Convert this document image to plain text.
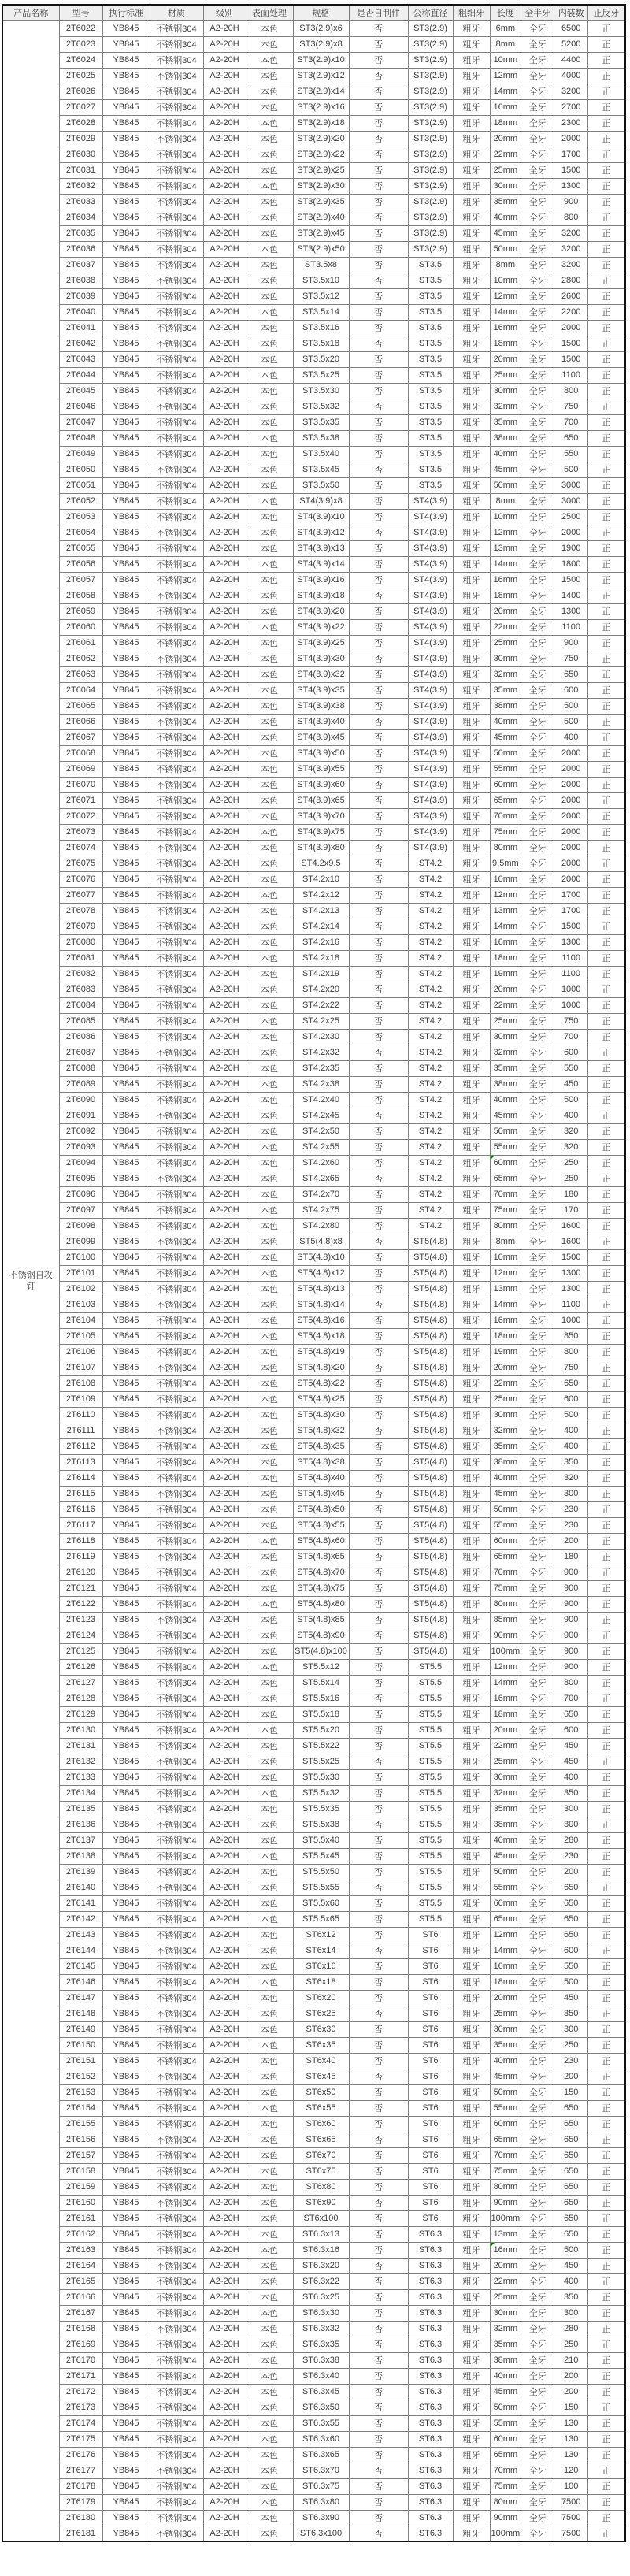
产品名称	型号	执行标准	材质	级别	表面处理	规格	是否自制件	公称直径	粗细牙	长度	全半牙	内装数	正反牙
不锈钢自攻钉	2T6022	YB845	不锈钢304	A2-20H	本色	ST3(2.9)x6	否	ST3(2.9)	粗牙	6mm	全牙	6500	正
	2T6023	YB845	不锈钢304	A2-20H	本色	ST3(2.9)x8	否	ST3(2.9)	粗牙	8mm	全牙	5200	正
	2T6024	YB845	不锈钢304	A2-20H	本色	ST3(2.9)x10	否	ST3(2.9)	粗牙	10mm	全牙	4400	正
	2T6025	YB845	不锈钢304	A2-20H	本色	ST3(2.9)x12	否	ST3(2.9)	粗牙	12mm	全牙	4000	正
	2T6026	YB845	不锈钢304	A2-20H	本色	ST3(2.9)x14	否	ST3(2.9)	粗牙	14mm	全牙	3200	正
	2T6027	YB845	不锈钢304	A2-20H	本色	ST3(2.9)x16	否	ST3(2.9)	粗牙	16mm	全牙	2700	正
	2T6028	YB845	不锈钢304	A2-20H	本色	ST3(2.9)x18	否	ST3(2.9)	粗牙	18mm	全牙	2300	正
	2T6029	YB845	不锈钢304	A2-20H	本色	ST3(2.9)x20	否	ST3(2.9)	粗牙	20mm	全牙	2000	正
	2T6030	YB845	不锈钢304	A2-20H	本色	ST3(2.9)x22	否	ST3(2.9)	粗牙	22mm	全牙	1700	正
	2T6031	YB845	不锈钢304	A2-20H	本色	ST3(2.9)x25	否	ST3(2.9)	粗牙	25mm	全牙	1500	正
	2T6032	YB845	不锈钢304	A2-20H	本色	ST3(2.9)x30	否	ST3(2.9)	粗牙	30mm	全牙	1300	正
	2T6033	YB845	不锈钢304	A2-20H	本色	ST3(2.9)x35	否	ST3(2.9)	粗牙	35mm	全牙	900	正
	2T6034	YB845	不锈钢304	A2-20H	本色	ST3(2.9)x40	否	ST3(2.9)	粗牙	40mm	全牙	800	正
	2T6035	YB845	不锈钢304	A2-20H	本色	ST3(2.9)x45	否	ST3(2.9)	粗牙	45mm	全牙	3200	正
	2T6036	YB845	不锈钢304	A2-20H	本色	ST3(2.9)x50	否	ST3(2.9)	粗牙	50mm	全牙	3200	正
	2T6037	YB845	不锈钢304	A2-20H	本色	ST3.5x8	否	ST3.5	粗牙	8mm	全牙	3200	正
	2T6038	YB845	不锈钢304	A2-20H	本色	ST3.5x10	否	ST3.5	粗牙	10mm	全牙	2800	正
	2T6039	YB845	不锈钢304	A2-20H	本色	ST3.5x12	否	ST3.5	粗牙	12mm	全牙	2600	正
	2T6040	YB845	不锈钢304	A2-20H	本色	ST3.5x14	否	ST3.5	粗牙	14mm	全牙	2200	正
	2T6041	YB845	不锈钢304	A2-20H	本色	ST3.5x16	否	ST3.5	粗牙	16mm	全牙	2000	正
	2T6042	YB845	不锈钢304	A2-20H	本色	ST3.5x18	否	ST3.5	粗牙	18mm	全牙	1500	正
	2T6043	YB845	不锈钢304	A2-20H	本色	ST3.5x20	否	ST3.5	粗牙	20mm	全牙	1500	正
	2T6044	YB845	不锈钢304	A2-20H	本色	ST3.5x25	否	ST3.5	粗牙	25mm	全牙	1100	正
	2T6045	YB845	不锈钢304	A2-20H	本色	ST3.5x30	否	ST3.5	粗牙	30mm	全牙	800	正
	2T6046	YB845	不锈钢304	A2-20H	本色	ST3.5x32	否	ST3.5	粗牙	32mm	全牙	750	正
	2T6047	YB845	不锈钢304	A2-20H	本色	ST3.5x35	否	ST3.5	粗牙	35mm	全牙	700	正
	2T6048	YB845	不锈钢304	A2-20H	本色	ST3.5x38	否	ST3.5	粗牙	38mm	全牙	650	正
	2T6049	YB845	不锈钢304	A2-20H	本色	ST3.5x40	否	ST3.5	粗牙	40mm	全牙	550	正
	2T6050	YB845	不锈钢304	A2-20H	本色	ST3.5x45	否	ST3.5	粗牙	45mm	全牙	500	正
	2T6051	YB845	不锈钢304	A2-20H	本色	ST3.5x50	否	ST3.5	粗牙	50mm	全牙	3000	正
	2T6052	YB845	不锈钢304	A2-20H	本色	ST4(3.9)x8	否	ST4(3.9)	粗牙	8mm	全牙	3000	正
	2T6053	YB845	不锈钢304	A2-20H	本色	ST4(3.9)x10	否	ST4(3.9)	粗牙	10mm	全牙	2500	正
	2T6054	YB845	不锈钢304	A2-20H	本色	ST4(3.9)x12	否	ST4(3.9)	粗牙	12mm	全牙	2000	正
	2T6055	YB845	不锈钢304	A2-20H	本色	ST4(3.9)x13	否	ST4(3.9)	粗牙	13mm	全牙	1900	正
	2T6056	YB845	不锈钢304	A2-20H	本色	ST4(3.9)x14	否	ST4(3.9)	粗牙	14mm	全牙	1800	正
	2T6057	YB845	不锈钢304	A2-20H	本色	ST4(3.9)x16	否	ST4(3.9)	粗牙	16mm	全牙	1500	正
	2T6058	YB845	不锈钢304	A2-20H	本色	ST4(3.9)x18	否	ST4(3.9)	粗牙	18mm	全牙	1400	正
	2T6059	YB845	不锈钢304	A2-20H	本色	ST4(3.9)x20	否	ST4(3.9)	粗牙	20mm	全牙	1300	正
	2T6060	YB845	不锈钢304	A2-20H	本色	ST4(3.9)x22	否	ST4(3.9)	粗牙	22mm	全牙	1100	正
	2T6061	YB845	不锈钢304	A2-20H	本色	ST4(3.9)x25	否	ST4(3.9)	粗牙	25mm	全牙	900	正
	2T6062	YB845	不锈钢304	A2-20H	本色	ST4(3.9)x30	否	ST4(3.9)	粗牙	30mm	全牙	750	正
	2T6063	YB845	不锈钢304	A2-20H	本色	ST4(3.9)x32	否	ST4(3.9)	粗牙	32mm	全牙	650	正
	2T6064	YB845	不锈钢304	A2-20H	本色	ST4(3.9)x35	否	ST4(3.9)	粗牙	35mm	全牙	600	正
	2T6065	YB845	不锈钢304	A2-20H	本色	ST4(3.9)x38	否	ST4(3.9)	粗牙	38mm	全牙	500	正
	2T6066	YB845	不锈钢304	A2-20H	本色	ST4(3.9)x40	否	ST4(3.9)	粗牙	40mm	全牙	500	正
	2T6067	YB845	不锈钢304	A2-20H	本色	ST4(3.9)x45	否	ST4(3.9)	粗牙	45mm	全牙	400	正
	2T6068	YB845	不锈钢304	A2-20H	本色	ST4(3.9)x50	否	ST4(3.9)	粗牙	50mm	全牙	2000	正
	2T6069	YB845	不锈钢304	A2-20H	本色	ST4(3.9)x55	否	ST4(3.9)	粗牙	55mm	全牙	2000	正
	2T6070	YB845	不锈钢304	A2-20H	本色	ST4(3.9)x60	否	ST4(3.9)	粗牙	60mm	全牙	2000	正
	2T6071	YB845	不锈钢304	A2-20H	本色	ST4(3.9)x65	否	ST4(3.9)	粗牙	65mm	全牙	2000	正
	2T6072	YB845	不锈钢304	A2-20H	本色	ST4(3.9)x70	否	ST4(3.9)	粗牙	70mm	全牙	2000	正
	2T6073	YB845	不锈钢304	A2-20H	本色	ST4(3.9)x75	否	ST4(3.9)	粗牙	75mm	全牙	2000	正
	2T6074	YB845	不锈钢304	A2-20H	本色	ST4(3.9)x80	否	ST4(3.9)	粗牙	80mm	全牙	2000	正
	2T6075	YB845	不锈钢304	A2-20H	本色	ST4.2x9.5	否	ST4.2	粗牙	9.5mm	全牙	2000	正
	2T6076	YB845	不锈钢304	A2-20H	本色	ST4.2x10	否	ST4.2	粗牙	10mm	全牙	2000	正
	2T6077	YB845	不锈钢304	A2-20H	本色	ST4.2x12	否	ST4.2	粗牙	12mm	全牙	1700	正
	2T6078	YB845	不锈钢304	A2-20H	本色	ST4.2x13	否	ST4.2	粗牙	13mm	全牙	1700	正
	2T6079	YB845	不锈钢304	A2-20H	本色	ST4.2x14	否	ST4.2	粗牙	14mm	全牙	1500	正
	2T6080	YB845	不锈钢304	A2-20H	本色	ST4.2x16	否	ST4.2	粗牙	16mm	全牙	1300	正
	2T6081	YB845	不锈钢304	A2-20H	本色	ST4.2x18	否	ST4.2	粗牙	18mm	全牙	1100	正
	2T6082	YB845	不锈钢304	A2-20H	本色	ST4.2x19	否	ST4.2	粗牙	19mm	全牙	1100	正
	2T6083	YB845	不锈钢304	A2-20H	本色	ST4.2x20	否	ST4.2	粗牙	20mm	全牙	1000	正
	2T6084	YB845	不锈钢304	A2-20H	本色	ST4.2x22	否	ST4.2	粗牙	22mm	全牙	1000	正
	2T6085	YB845	不锈钢304	A2-20H	本色	ST4.2x25	否	ST4.2	粗牙	25mm	全牙	750	正
	2T6086	YB845	不锈钢304	A2-20H	本色	ST4.2x30	否	ST4.2	粗牙	30mm	全牙	700	正
	2T6087	YB845	不锈钢304	A2-20H	本色	ST4.2x32	否	ST4.2	粗牙	32mm	全牙	600	正
	2T6088	YB845	不锈钢304	A2-20H	本色	ST4.2x35	否	ST4.2	粗牙	35mm	全牙	550	正
	2T6089	YB845	不锈钢304	A2-20H	本色	ST4.2x38	否	ST4.2	粗牙	38mm	全牙	450	正
	2T6090	YB845	不锈钢304	A2-20H	本色	ST4.2x40	否	ST4.2	粗牙	40mm	全牙	500	正
	2T6091	YB845	不锈钢304	A2-20H	本色	ST4.2x45	否	ST4.2	粗牙	45mm	全牙	400	正
	2T6092	YB845	不锈钢304	A2-20H	本色	ST4.2x50	否	ST4.2	粗牙	50mm	全牙	320	正
	2T6093	YB845	不锈钢304	A2-20H	本色	ST4.2x55	否	ST4.2	粗牙	55mm	全牙	320	正
	2T6094	YB845	不锈钢304	A2-20H	本色	ST4.2x60	否	ST4.2	粗牙	60mm	全牙	250	正
	2T6095	YB845	不锈钢304	A2-20H	本色	ST4.2x65	否	ST4.2	粗牙	65mm	全牙	250	正
	2T6096	YB845	不锈钢304	A2-20H	本色	ST4.2x70	否	ST4.2	粗牙	70mm	全牙	180	正
	2T6097	YB845	不锈钢304	A2-20H	本色	ST4.2x75	否	ST4.2	粗牙	75mm	全牙	170	正
	2T6098	YB845	不锈钢304	A2-20H	本色	ST4.2x80	否	ST4.2	粗牙	80mm	全牙	1600	正
	2T6099	YB845	不锈钢304	A2-20H	本色	ST5(4.8)x8	否	ST5(4.8)	粗牙	8mm	全牙	1600	正
	2T6100	YB845	不锈钢304	A2-20H	本色	ST5(4.8)x10	否	ST5(4.8)	粗牙	10mm	全牙	1500	正
	2T6101	YB845	不锈钢304	A2-20H	本色	ST5(4.8)x12	否	ST5(4.8)	粗牙	12mm	全牙	1300	正
	2T6102	YB845	不锈钢304	A2-20H	本色	ST5(4.8)x13	否	ST5(4.8)	粗牙	13mm	全牙	1300	正
	2T6103	YB845	不锈钢304	A2-20H	本色	ST5(4.8)x14	否	ST5(4.8)	粗牙	14mm	全牙	1100	正
	2T6104	YB845	不锈钢304	A2-20H	本色	ST5(4.8)x16	否	ST5(4.8)	粗牙	16mm	全牙	1000	正
	2T6105	YB845	不锈钢304	A2-20H	本色	ST5(4.8)x18	否	ST5(4.8)	粗牙	18mm	全牙	850	正
	2T6106	YB845	不锈钢304	A2-20H	本色	ST5(4.8)x19	否	ST5(4.8)	粗牙	19mm	全牙	800	正
	2T6107	YB845	不锈钢304	A2-20H	本色	ST5(4.8)x20	否	ST5(4.8)	粗牙	20mm	全牙	750	正
	2T6108	YB845	不锈钢304	A2-20H	本色	ST5(4.8)x22	否	ST5(4.8)	粗牙	22mm	全牙	650	正
	2T6109	YB845	不锈钢304	A2-20H	本色	ST5(4.8)x25	否	ST5(4.8)	粗牙	25mm	全牙	600	正
	2T6110	YB845	不锈钢304	A2-20H	本色	ST5(4.8)x30	否	ST5(4.8)	粗牙	30mm	全牙	500	正
	2T6111	YB845	不锈钢304	A2-20H	本色	ST5(4.8)x32	否	ST5(4.8)	粗牙	32mm	全牙	400	正
	2T6112	YB845	不锈钢304	A2-20H	本色	ST5(4.8)x35	否	ST5(4.8)	粗牙	35mm	全牙	400	正
	2T6113	YB845	不锈钢304	A2-20H	本色	ST5(4.8)x38	否	ST5(4.8)	粗牙	38mm	全牙	350	正
	2T6114	YB845	不锈钢304	A2-20H	本色	ST5(4.8)x40	否	ST5(4.8)	粗牙	40mm	全牙	320	正
	2T6115	YB845	不锈钢304	A2-20H	本色	ST5(4.8)x45	否	ST5(4.8)	粗牙	45mm	全牙	300	正
	2T6116	YB845	不锈钢304	A2-20H	本色	ST5(4.8)x50	否	ST5(4.8)	粗牙	50mm	全牙	230	正
	2T6117	YB845	不锈钢304	A2-20H	本色	ST5(4.8)x55	否	ST5(4.8)	粗牙	55mm	全牙	230	正
	2T6118	YB845	不锈钢304	A2-20H	本色	ST5(4.8)x60	否	ST5(4.8)	粗牙	60mm	全牙	200	正
	2T6119	YB845	不锈钢304	A2-20H	本色	ST5(4.8)x65	否	ST5(4.8)	粗牙	65mm	全牙	180	正
	2T6120	YB845	不锈钢304	A2-20H	本色	ST5(4.8)x70	否	ST5(4.8)	粗牙	70mm	全牙	900	正
	2T6121	YB845	不锈钢304	A2-20H	本色	ST5(4.8)x75	否	ST5(4.8)	粗牙	75mm	全牙	900	正
	2T6122	YB845	不锈钢304	A2-20H	本色	ST5(4.8)x80	否	ST5(4.8)	粗牙	80mm	全牙	900	正
	2T6123	YB845	不锈钢304	A2-20H	本色	ST5(4.8)x85	否	ST5(4.8)	粗牙	85mm	全牙	900	正
	2T6124	YB845	不锈钢304	A2-20H	本色	ST5(4.8)x90	否	ST5(4.8)	粗牙	90mm	全牙	900	正
	2T6125	YB845	不锈钢304	A2-20H	本色	ST5(4.8)x100	否	ST5(4.8)	粗牙	100mm	全牙	900	正
	2T6126	YB845	不锈钢304	A2-20H	本色	ST5.5x12	否	ST5.5	粗牙	12mm	全牙	900	正
	2T6127	YB845	不锈钢304	A2-20H	本色	ST5.5x14	否	ST5.5	粗牙	14mm	全牙	800	正
	2T6128	YB845	不锈钢304	A2-20H	本色	ST5.5x16	否	ST5.5	粗牙	16mm	全牙	700	正
	2T6129	YB845	不锈钢304	A2-20H	本色	ST5.5x18	否	ST5.5	粗牙	18mm	全牙	650	正
	2T6130	YB845	不锈钢304	A2-20H	本色	ST5.5x20	否	ST5.5	粗牙	20mm	全牙	600	正
	2T6131	YB845	不锈钢304	A2-20H	本色	ST5.5x22	否	ST5.5	粗牙	22mm	全牙	450	正
	2T6132	YB845	不锈钢304	A2-20H	本色	ST5.5x25	否	ST5.5	粗牙	25mm	全牙	450	正
	2T6133	YB845	不锈钢304	A2-20H	本色	ST5.5x30	否	ST5.5	粗牙	30mm	全牙	400	正
	2T6134	YB845	不锈钢304	A2-20H	本色	ST5.5x32	否	ST5.5	粗牙	32mm	全牙	350	正
	2T6135	YB845	不锈钢304	A2-20H	本色	ST5.5x35	否	ST5.5	粗牙	35mm	全牙	300	正
	2T6136	YB845	不锈钢304	A2-20H	本色	ST5.5x38	否	ST5.5	粗牙	38mm	全牙	300	正
	2T6137	YB845	不锈钢304	A2-20H	本色	ST5.5x40	否	ST5.5	粗牙	40mm	全牙	280	正
	2T6138	YB845	不锈钢304	A2-20H	本色	ST5.5x45	否	ST5.5	粗牙	45mm	全牙	230	正
	2T6139	YB845	不锈钢304	A2-20H	本色	ST5.5x50	否	ST5.5	粗牙	50mm	全牙	200	正
	2T6140	YB845	不锈钢304	A2-20H	本色	ST5.5x55	否	ST5.5	粗牙	55mm	全牙	650	正
	2T6141	YB845	不锈钢304	A2-20H	本色	ST5.5x60	否	ST5.5	粗牙	60mm	全牙	650	正
	2T6142	YB845	不锈钢304	A2-20H	本色	ST5.5x65	否	ST5.5	粗牙	65mm	全牙	650	正
	2T6143	YB845	不锈钢304	A2-20H	本色	ST6x12	否	ST6	粗牙	12mm	全牙	650	正
	2T6144	YB845	不锈钢304	A2-20H	本色	ST6x14	否	ST6	粗牙	14mm	全牙	600	正
	2T6145	YB845	不锈钢304	A2-20H	本色	ST6x16	否	ST6	粗牙	16mm	全牙	550	正
	2T6146	YB845	不锈钢304	A2-20H	本色	ST6x18	否	ST6	粗牙	18mm	全牙	500	正
	2T6147	YB845	不锈钢304	A2-20H	本色	ST6x20	否	ST6	粗牙	20mm	全牙	450	正
	2T6148	YB845	不锈钢304	A2-20H	本色	ST6x25	否	ST6	粗牙	25mm	全牙	350	正
	2T6149	YB845	不锈钢304	A2-20H	本色	ST6x30	否	ST6	粗牙	30mm	全牙	300	正
	2T6150	YB845	不锈钢304	A2-20H	本色	ST6x35	否	ST6	粗牙	35mm	全牙	250	正
	2T6151	YB845	不锈钢304	A2-20H	本色	ST6x40	否	ST6	粗牙	40mm	全牙	230	正
	2T6152	YB845	不锈钢304	A2-20H	本色	ST6x45	否	ST6	粗牙	45mm	全牙	200	正
	2T6153	YB845	不锈钢304	A2-20H	本色	ST6x50	否	ST6	粗牙	50mm	全牙	150	正
	2T6154	YB845	不锈钢304	A2-20H	本色	ST6x55	否	ST6	粗牙	55mm	全牙	650	正
	2T6155	YB845	不锈钢304	A2-20H	本色	ST6x60	否	ST6	粗牙	60mm	全牙	650	正
	2T6156	YB845	不锈钢304	A2-20H	本色	ST6x65	否	ST6	粗牙	65mm	全牙	650	正
	2T6157	YB845	不锈钢304	A2-20H	本色	ST6x70	否	ST6	粗牙	70mm	全牙	650	正
	2T6158	YB845	不锈钢304	A2-20H	本色	ST6x75	否	ST6	粗牙	75mm	全牙	650	正
	2T6159	YB845	不锈钢304	A2-20H	本色	ST6x80	否	ST6	粗牙	80mm	全牙	650	正
	2T6160	YB845	不锈钢304	A2-20H	本色	ST6x90	否	ST6	粗牙	90mm	全牙	650	正
	2T6161	YB845	不锈钢304	A2-20H	本色	ST6x100	否	ST6	粗牙	100mm	全牙	650	正
	2T6162	YB845	不锈钢304	A2-20H	本色	ST6.3x13	否	ST6.3	粗牙	13mm	全牙	650	正
	2T6163	YB845	不锈钢304	A2-20H	本色	ST6.3x16	否	ST6.3	粗牙	16mm	全牙	500	正
	2T6164	YB845	不锈钢304	A2-20H	本色	ST6.3x20	否	ST6.3	粗牙	20mm	全牙	450	正
	2T6165	YB845	不锈钢304	A2-20H	本色	ST6.3x22	否	ST6.3	粗牙	22mm	全牙	400	正
	2T6166	YB845	不锈钢304	A2-20H	本色	ST6.3x25	否	ST6.3	粗牙	25mm	全牙	350	正
	2T6167	YB845	不锈钢304	A2-20H	本色	ST6.3x30	否	ST6.3	粗牙	30mm	全牙	300	正
	2T6168	YB845	不锈钢304	A2-20H	本色	ST6.3x32	否	ST6.3	粗牙	32mm	全牙	280	正
	2T6169	YB845	不锈钢304	A2-20H	本色	ST6.3x35	否	ST6.3	粗牙	35mm	全牙	250	正
	2T6170	YB845	不锈钢304	A2-20H	本色	ST6.3x38	否	ST6.3	粗牙	38mm	全牙	210	正
	2T6171	YB845	不锈钢304	A2-20H	本色	ST6.3x40	否	ST6.3	粗牙	40mm	全牙	200	正
	2T6172	YB845	不锈钢304	A2-20H	本色	ST6.3x45	否	ST6.3	粗牙	45mm	全牙	200	正
	2T6173	YB845	不锈钢304	A2-20H	本色	ST6.3x50	否	ST6.3	粗牙	50mm	全牙	150	正
	2T6174	YB845	不锈钢304	A2-20H	本色	ST6.3x55	否	ST6.3	粗牙	55mm	全牙	130	正
	2T6175	YB845	不锈钢304	A2-20H	本色	ST6.3x60	否	ST6.3	粗牙	60mm	全牙	130	正
	2T6176	YB845	不锈钢304	A2-20H	本色	ST6.3x65	否	ST6.3	粗牙	65mm	全牙	130	正
	2T6177	YB845	不锈钢304	A2-20H	本色	ST6.3x70	否	ST6.3	粗牙	70mm	全牙	120	正
	2T6178	YB845	不锈钢304	A2-20H	本色	ST6.3x75	否	ST6.3	粗牙	75mm	全牙	100	正
	2T6179	YB845	不锈钢304	A2-20H	本色	ST6.3x80	否	ST6.3	粗牙	80mm	全牙	7500	正
	2T6180	YB845	不锈钢304	A2-20H	本色	ST6.3x90	否	ST6.3	粗牙	90mm	全牙	7500	正
	2T6181	YB845	不锈钢304	A2-20H	本色	ST6.3x100	否	ST6.3	粗牙	100mm	全牙	7500	正
